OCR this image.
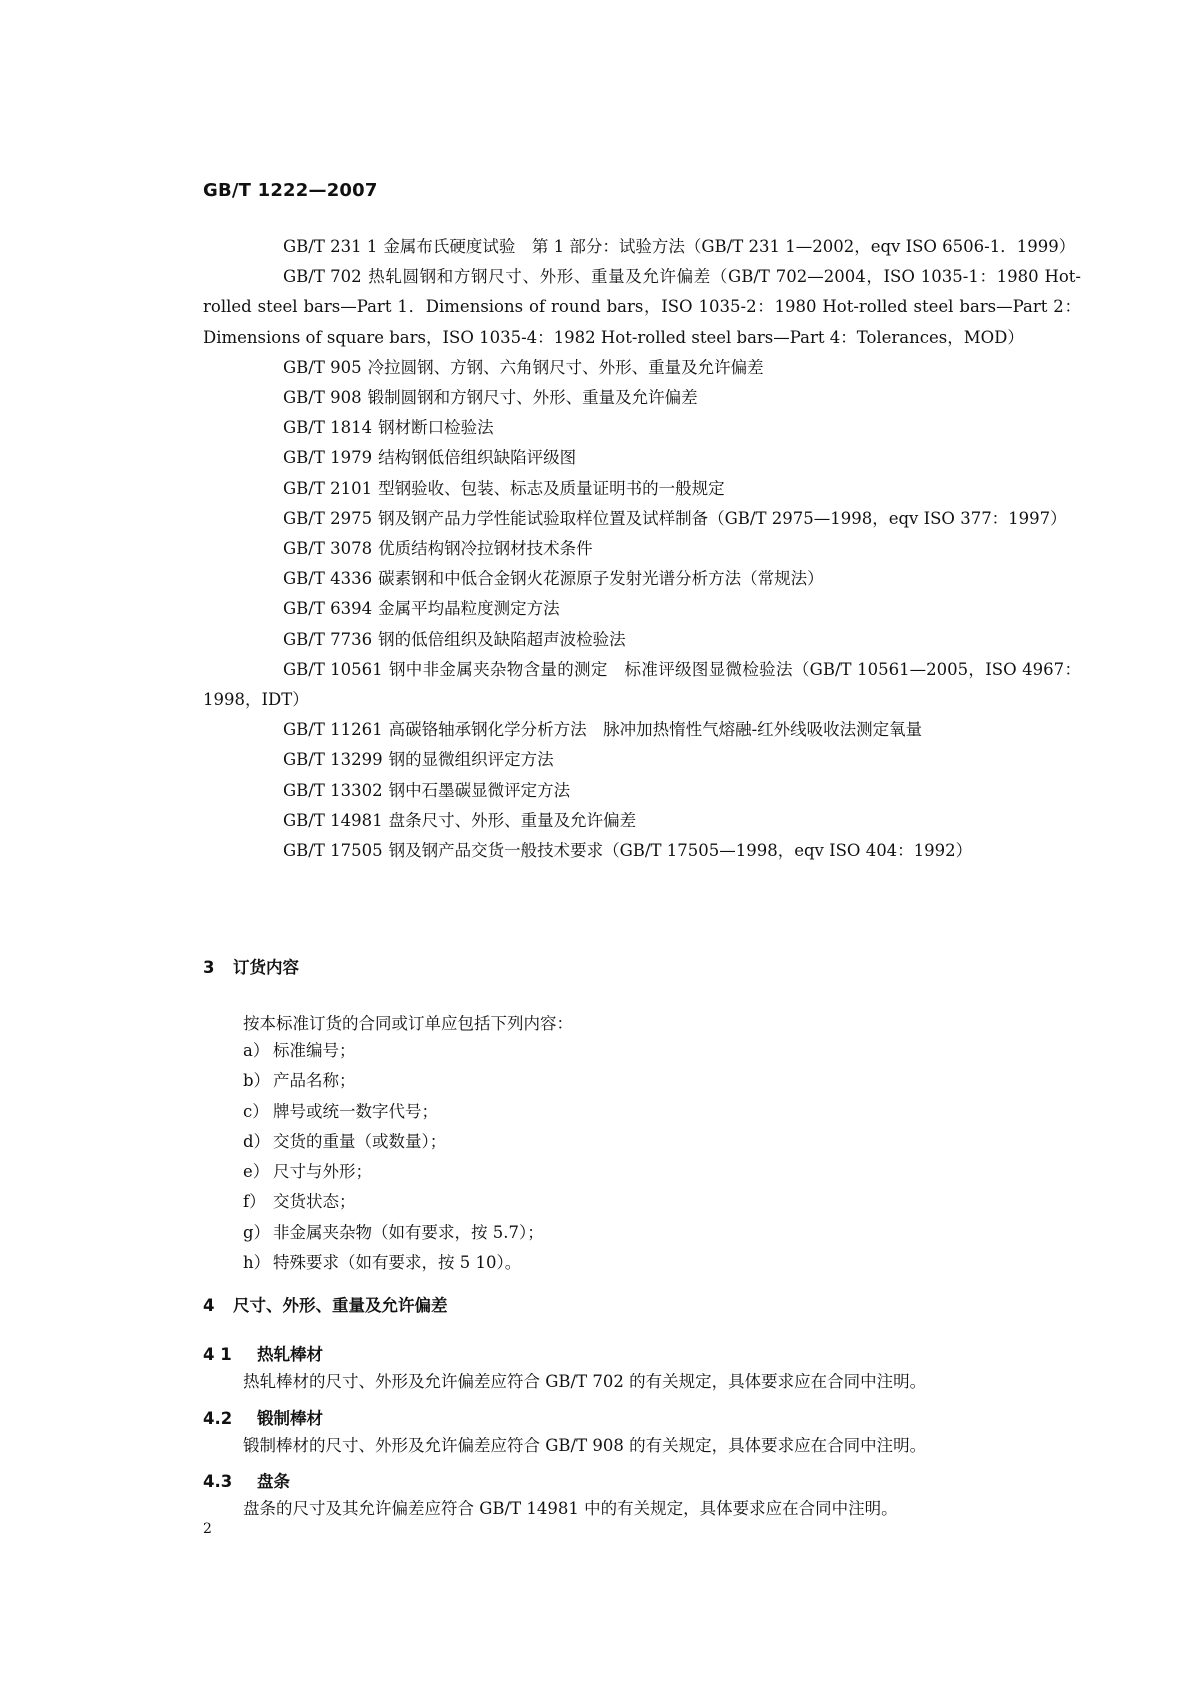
GB/T 1222—2007
GB/T 231 1 金属布氏硬度试验　第 1 部分：试验方法（GB/T 231 1—2002，eqv ISO 6506-1．1999）
GB/T 702 热轧圆钢和方钢尺寸、外形、重量及允许偏差（GB/T 702—2004，ISO 1035-1：1980 Hot-rolled steel bars—Part 1．Dimensions of round bars，ISO 1035-2：1980 Hot-rolled steel bars—Part 2：Dimensions of square bars，ISO 1035-4：1982 Hot-rolled steel bars—Part 4：Tolerances，MOD）
GB/T 905 冷拉圆钢、方钢、六角钢尺寸、外形、重量及允许偏差
GB/T 908 锻制圆钢和方钢尺寸、外形、重量及允许偏差
GB/T 1814 钢材断口检验法
GB/T 1979 结构钢低倍组织缺陷评级图
GB/T 2101 型钢验收、包装、标志及质量证明书的一般规定
GB/T 2975 钢及钢产品力学性能试验取样位置及试样制备（GB/T 2975—1998，eqv ISO 377：1997）
GB/T 3078 优质结构钢冷拉钢材技术条件
GB/T 4336 碳素钢和中低合金钢火花源原子发射光谱分析方法（常规法）
GB/T 6394 金属平均晶粒度测定方法
GB/T 7736 钢的低倍组织及缺陷超声波检验法
GB/T 10561 钢中非金属夹杂物含量的测定　标准评级图显微检验法（GB/T 10561—2005，ISO 4967：1998，IDT）
GB/T 11261 高碳铬轴承钢化学分析方法　脉冲加热惰性气熔融-红外线吸收法测定氧量
GB/T 13299 钢的显微组织评定方法
GB/T 13302 钢中石墨碳显微评定方法
GB/T 14981 盘条尺寸、外形、重量及允许偏差
GB/T 17505 钢及钢产品交货一般技术要求（GB/T 17505—1998，eqv ISO 404：1992）
3 订货内容
按本标准订货的合同或订单应包括下列内容：
a） 标准编号；
b） 产品名称；
c） 牌号或统一数字代号；
d） 交货的重量（或数量）；
e） 尺寸与外形；
f） 交货状态；
g） 非金属夹杂物（如有要求，按 5.7）；
h） 特殊要求（如有要求，按 5 10）。
4 尺寸、外形、重量及允许偏差
4 1 热轧棒材
热轧棒材的尺寸、外形及允许偏差应符合 GB/T 702 的有关规定，具体要求应在合同中注明。
4.2 锻制棒材
锻制棒材的尺寸、外形及允许偏差应符合 GB/T 908 的有关规定，具体要求应在合同中注明。
4.3 盘条
盘条的尺寸及其允许偏差应符合 GB/T 14981 中的有关规定，具体要求应在合同中注明。
2
